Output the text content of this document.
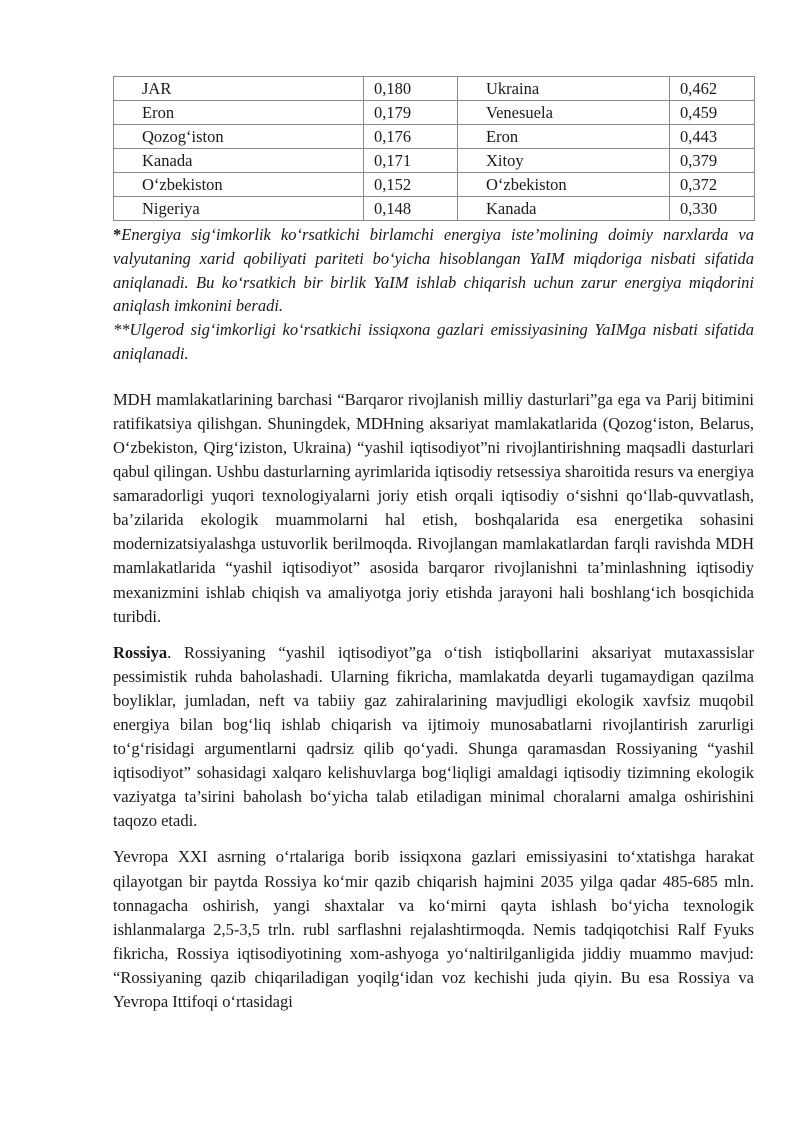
JAR	0,180	Ukraina	0,462
Eron	0,179	Venesuela	0,459
Qozog‘iston	0,176	Eron	0,443
Kanada	0,171	Xitoy	0,379
O‘zbekiston	0,152	O‘zbekiston	0,372
Nigeriya	0,148	Kanada	0,330

*Energiya sig‘imkorlik ko‘rsatkichi birlamchi energiya iste’molining doimiy narxlarda va valyutaning xarid qobiliyati pariteti bo‘yicha hisoblangan YaIM miqdoriga nisbati sifatida aniqlanadi. Bu ko‘rsatkich bir birlik YaIM ishlab chiqarish uchun zarur energiya miqdorini aniqlash imkonini beradi.

**Ulgerod sig‘imkorligi ko‘rsatkichi issiqxona gazlari emissiyasining YaIMga nisbati sifatida aniqlanadi.

MDH mamlakatlarining barchasi “Barqaror rivojlanish milliy dasturlari”ga ega va Parij bitimini ratifikatsiya qilishgan. Shuningdek, MDHning aksariyat mamlakatlarida (Qozog‘iston, Belarus, O‘zbekiston, Qirg‘iziston, Ukraina) “yashil iqtisodiyot”ni rivojlantirishning maqsadli dasturlari qabul qilingan. Ushbu dasturlarning ayrimlarida iqtisodiy retsessiya sharoitida resurs va energiya samaradorligi yuqori texnologiyalarni joriy etish orqali iqtisodiy o‘sishni qo‘llab-quvvatlash, ba’zilarida ekologik muammolarni hal etish, boshqalarida esa energetika sohasini modernizatsiyalashga ustuvorlik berilmoqda. Rivojlangan mamlakatlardan farqli ravishda MDH mamlakatlarida “yashil iqtisodiyot” asosida barqaror rivojlanishni ta’minlashning iqtisodiy mexanizmini ishlab chiqish va amaliyotga joriy etishda jarayoni hali boshlang‘ich bosqichida turibdi.

Rossiya. Rossiyaning “yashil iqtisodiyot”ga o‘tish istiqbollarini aksariyat mutaxassislar pessimistik ruhda baholashadi. Ularning fikricha, mamlakatda deyarli tugamaydigan qazilma boyliklar, jumladan, neft va tabiiy gaz zahiralarining mavjudligi ekologik xavfsiz muqobil energiya bilan bog‘liq ishlab chiqarish va ijtimoiy munosabatlarni rivojlantirish zarurligi to‘g‘risidagi argumentlarni qadrsiz qilib qo‘yadi. Shunga qaramasdan Rossiyaning “yashil iqtisodiyot” sohasidagi xalqaro kelishuvlarga bog‘liqligi amaldagi iqtisodiy tizimning ekologik vaziyatga ta’sirini baholash bo‘yicha talab etiladigan minimal choralarni amalga oshirishini taqozo etadi.

Yevropa XXI asrning o‘rtalariga borib issiqxona gazlari emissiyasini to‘xtatishga harakat qilayotgan bir paytda Rossiya ko‘mir qazib chiqarish hajmini 2035 yilga qadar 485-685 mln. tonnagacha oshirish, yangi shaxtalar va ko‘mirni qayta ishlash bo‘yicha texnologik ishlanmalarga 2,5-3,5 trln. rubl sarflashni rejalashtirmoqda. Nemis tadqiqotchisi Ralf Fyuks fikricha, Rossiya iqtisodiyotining xom-ashyoga yo‘naltirilganligida jiddiy muammo mavjud: “Rossiyaning qazib chiqariladigan yoqilg‘idan voz kechishi juda qiyin. Bu esa Rossiya va Yevropa Ittifoqi o‘rtasidagi
